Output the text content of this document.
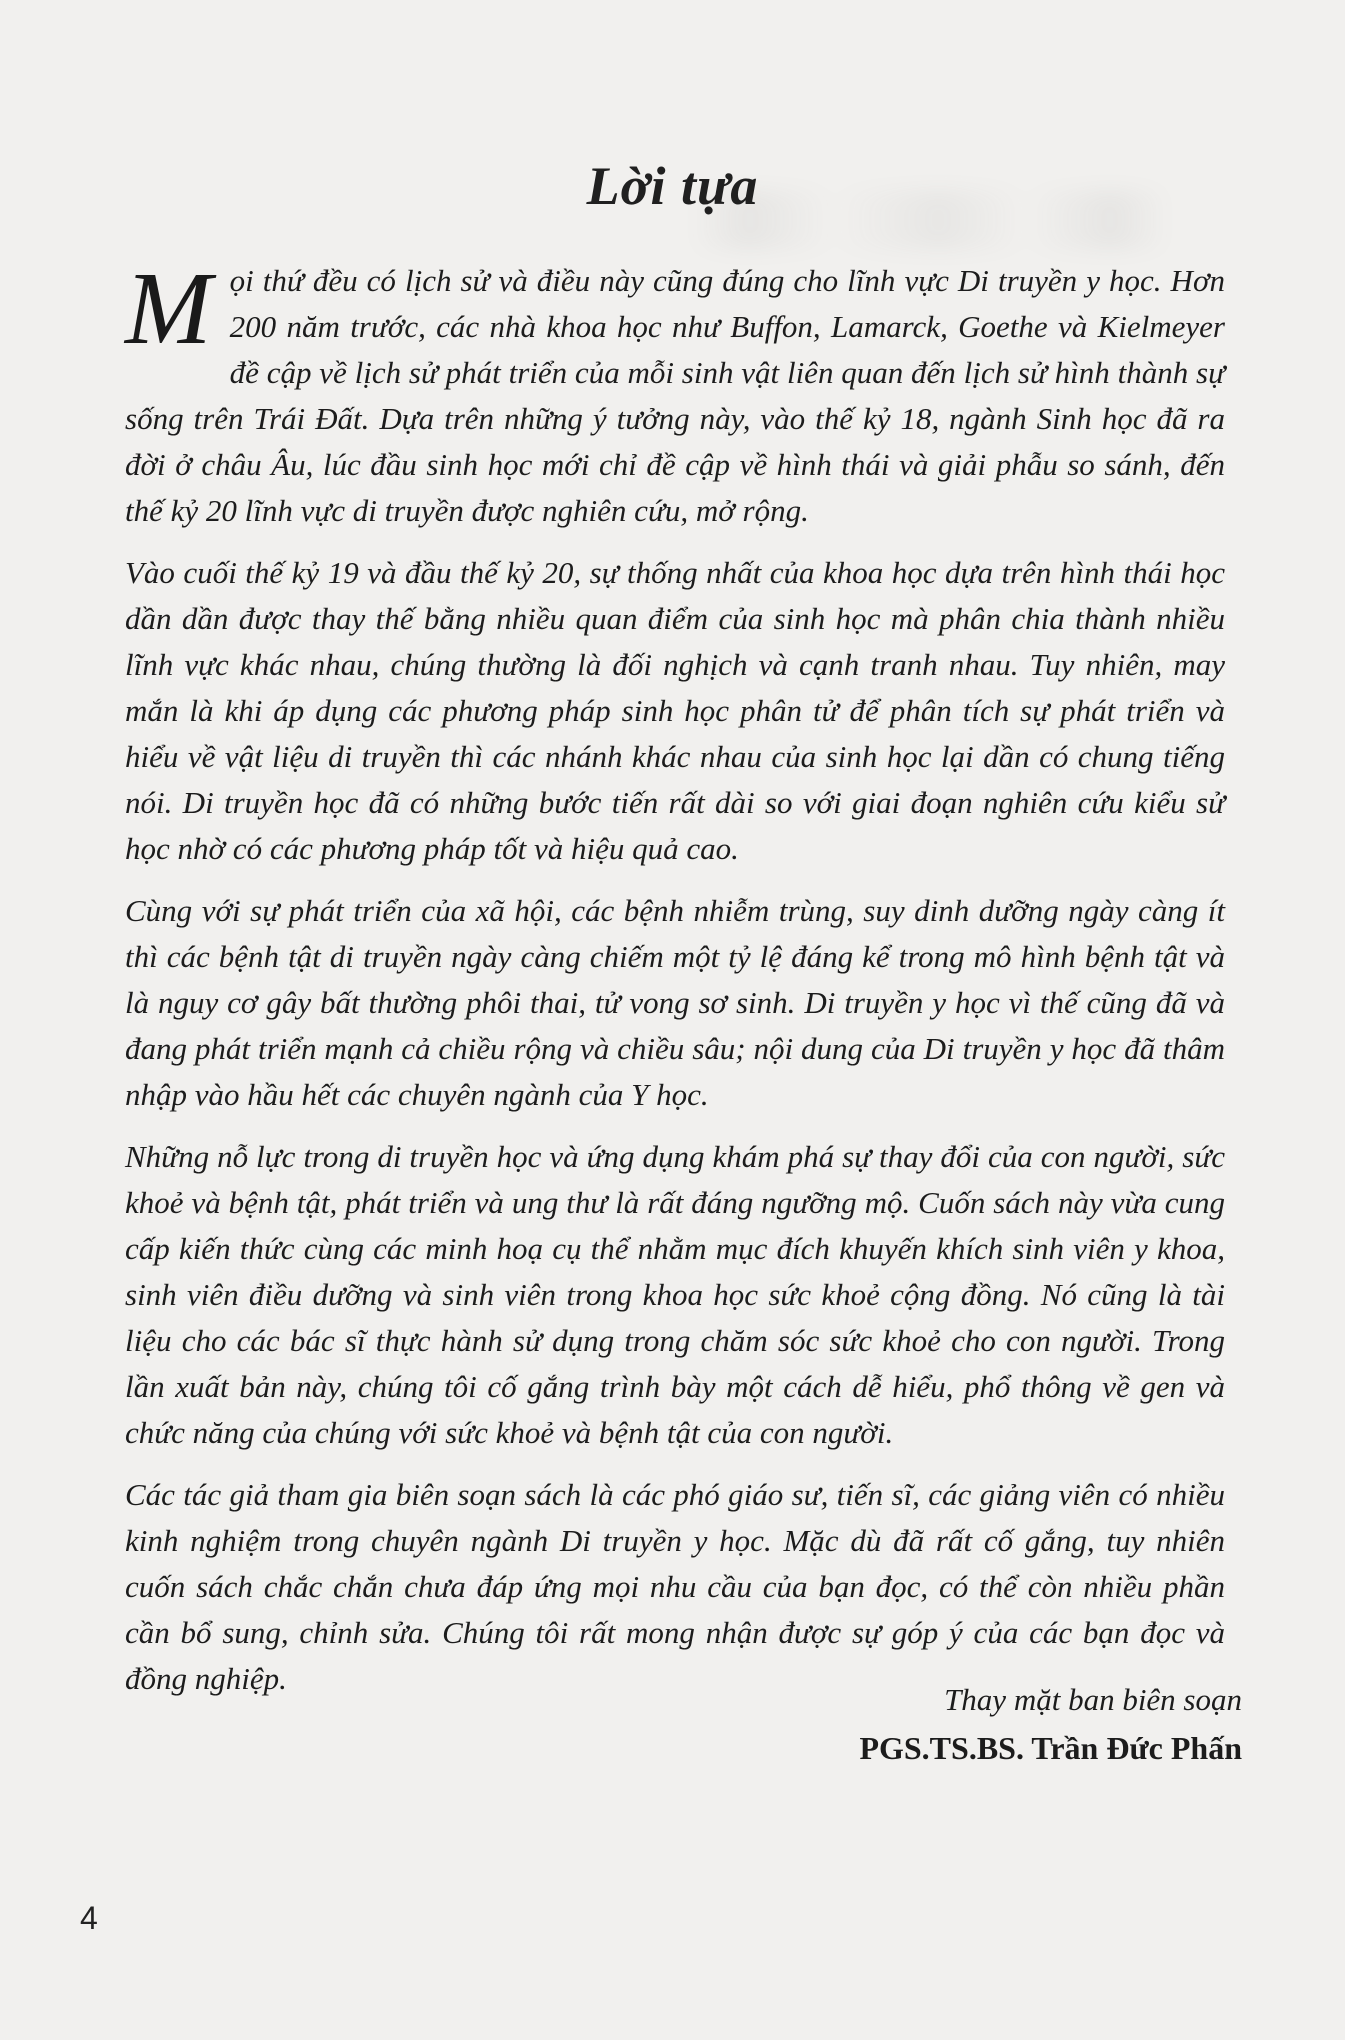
Lời tựa

Mọi thứ đều có lịch sử và điều này cũng đúng cho lĩnh vực Di truyền y học. Hơn 200 năm trước, các nhà khoa học như Buffon, Lamarck, Goethe và Kielmeyer đề cập về lịch sử phát triển của mỗi sinh vật liên quan đến lịch sử hình thành sự sống trên Trái Đất. Dựa trên những ý tưởng này, vào thế kỷ 18, ngành Sinh học đã ra đời ở châu Âu, lúc đầu sinh học mới chỉ đề cập về hình thái và giải phẫu so sánh, đến thế kỷ 20 lĩnh vực di truyền được nghiên cứu, mở rộng.

Vào cuối thế kỷ 19 và đầu thế kỷ 20, sự thống nhất của khoa học dựa trên hình thái học dần dần được thay thế bằng nhiều quan điểm của sinh học mà phân chia thành nhiều lĩnh vực khác nhau, chúng thường là đối nghịch và cạnh tranh nhau. Tuy nhiên, may mắn là khi áp dụng các phương pháp sinh học phân tử để phân tích sự phát triển và hiểu về vật liệu di truyền thì các nhánh khác nhau của sinh học lại dần có chung tiếng nói. Di truyền học đã có những bước tiến rất dài so với giai đoạn nghiên cứu kiểu sử học nhờ có các phương pháp tốt và hiệu quả cao.

Cùng với sự phát triển của xã hội, các bệnh nhiễm trùng, suy dinh dưỡng ngày càng ít thì các bệnh tật di truyền ngày càng chiếm một tỷ lệ đáng kể trong mô hình bệnh tật và là nguy cơ gây bất thường phôi thai, tử vong sơ sinh. Di truyền y học vì thế cũng đã và đang phát triển mạnh cả chiều rộng và chiều sâu; nội dung của Di truyền y học đã thâm nhập vào hầu hết các chuyên ngành của Y học.

Những nỗ lực trong di truyền học và ứng dụng khám phá sự thay đổi của con người, sức khoẻ và bệnh tật, phát triển và ung thư là rất đáng ngưỡng mộ. Cuốn sách này vừa cung cấp kiến thức cùng các minh hoạ cụ thể nhằm mục đích khuyến khích sinh viên y khoa, sinh viên điều dưỡng và sinh viên trong khoa học sức khoẻ cộng đồng. Nó cũng là tài liệu cho các bác sĩ thực hành sử dụng trong chăm sóc sức khoẻ cho con người. Trong lần xuất bản này, chúng tôi cố gắng trình bày một cách dễ hiểu, phổ thông về gen và chức năng của chúng với sức khoẻ và bệnh tật của con người.

Các tác giả tham gia biên soạn sách là các phó giáo sư, tiến sĩ, các giảng viên có nhiều kinh nghiệm trong chuyên ngành Di truyền y học. Mặc dù đã rất cố gắng, tuy nhiên cuốn sách chắc chắn chưa đáp ứng mọi nhu cầu của bạn đọc, có thể còn nhiều phần cần bổ sung, chỉnh sửa. Chúng tôi rất mong nhận được sự góp ý của các bạn đọc và đồng nghiệp.

Thay mặt ban biên soạn
PGS.TS.BS. Trần Đức Phấn
4
